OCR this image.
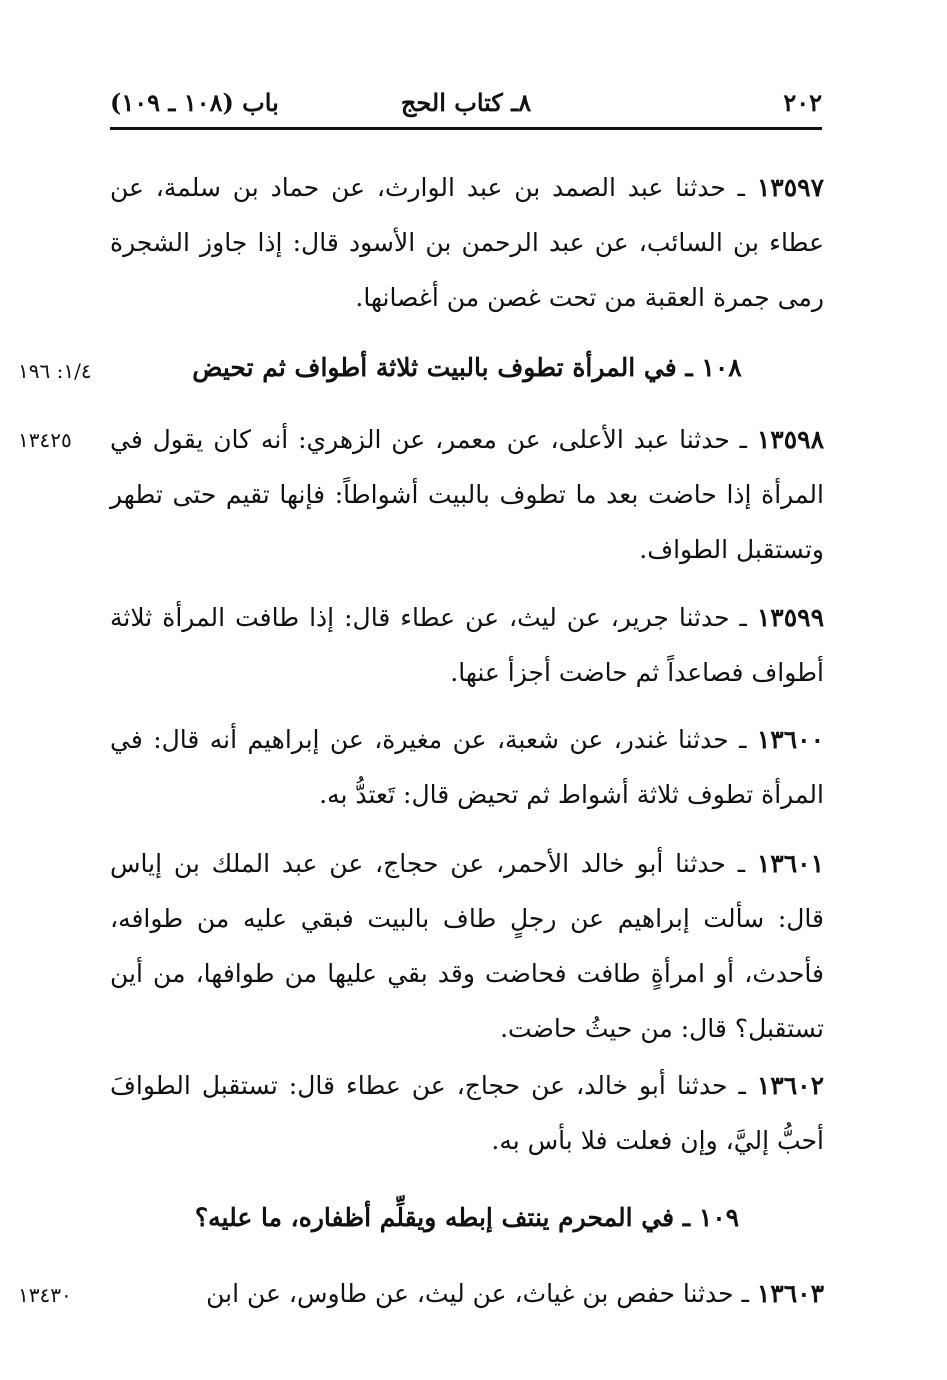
٢٠٢
٨ـ كتاب الحج
باب (١٠٨ ـ ١٠٩)
١٣٥٩٧ ـ حدثنا عبد الصمد بن عبد الوارث، عن حماد بن سلمة، عن عطاء بن السائب، عن عبد الرحمن بن الأسود قال: إذا جاوز الشجرة رمى جمرة العقبة من تحت غصن من أغصانها.
١٠٨ ـ في المرأة تطوف بالبيت ثلاثة أطواف ثم تحيض
١/٤: ١٩٦
١٣٥٩٨ ـ حدثنا عبد الأعلى، عن معمر، عن الزهري: أنه كان يقول في المرأة إذا حاضت بعد ما تطوف بالبيت أشواطاً: فإنها تقيم حتى تطهر وتستقبل الطواف.
١٣٤٢٥
١٣٥٩٩ ـ حدثنا جرير، عن ليث، عن عطاء قال: إذا طافت المرأة ثلاثة أطواف فصاعداً ثم حاضت أجزأ عنها.
١٣٦٠٠ ـ حدثنا غندر، عن شعبة، عن مغيرة، عن إبراهيم أنه قال: في المرأة تطوف ثلاثة أشواط ثم تحيض قال: تَعتدُّ به.
١٣٦٠١ ـ حدثنا أبو خالد الأحمر، عن حجاج، عن عبد الملك بن إياس قال: سألت إبراهيم عن رجلٍ طاف بالبيت فبقي عليه من طوافه، فأحدث، أو امرأةٍ طافت فحاضت وقد بقي عليها من طوافها، من أين تستقبل؟ قال: من حيثُ حاضت.
١٣٦٠٢ ـ حدثنا أبو خالد، عن حجاج، عن عطاء قال: تستقبل الطوافَ أحبُّ إليَّ، وإن فعلت فلا بأس به.
١٠٩ ـ في المحرم ينتف إبطه ويقلِّم أظفاره، ما عليه؟
١٣٦٠٣ ـ حدثنا حفص بن غياث، عن ليث، عن طاوس، عن ابن
١٣٤٣٠
